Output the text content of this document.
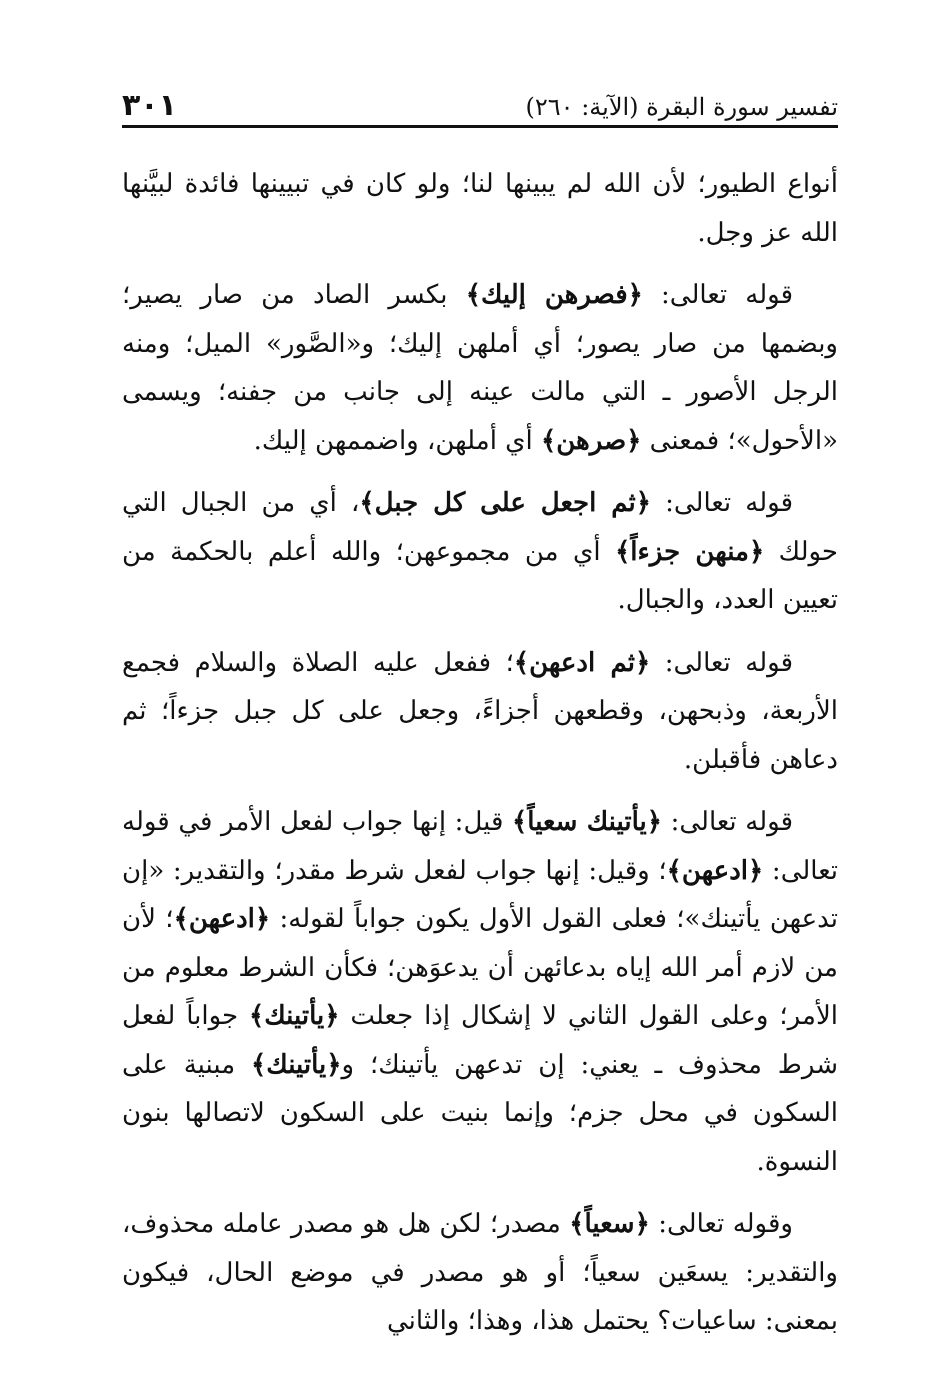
تفسير سورة البقرة (الآية: ٢٦٠)
٣٠١

أنواع الطيور؛ لأن الله لم يبينها لنا؛ ولو كان في تبيينها فائدة لبيَّنها الله عز وجل.

قوله تعالى: ﴿فصرهن إليك﴾ بكسر الصاد من صار يصير؛ وبضمها من صار يصور؛ أي أملهن إليك؛ و«الصَّور» الميل؛ ومنه الرجل الأصور ـ التي مالت عينه إلى جانب من جفنه؛ ويسمى «الأحول»؛ فمعنى ﴿صرهن﴾ أي أملهن، واضممهن إليك.

قوله تعالى: ﴿ثم اجعل على كل جبل﴾، أي من الجبال التي حولك ﴿منهن جزءاً﴾ أي من مجموعهن؛ والله أعلم بالحكمة من تعيين العدد، والجبال.

قوله تعالى: ﴿ثم ادعهن﴾؛ ففعل عليه الصلاة والسلام فجمع الأربعة، وذبحهن، وقطعهن أجزاءً، وجعل على كل جبل جزءاً؛ ثم دعاهن فأقبلن.

قوله تعالى: ﴿يأتينك سعياً﴾ قيل: إنها جواب لفعل الأمر في قوله تعالى: ﴿ادعهن﴾؛ وقيل: إنها جواب لفعل شرط مقدر؛ والتقدير: «إن تدعهن يأتينك»؛ فعلى القول الأول يكون جواباً لقوله: ﴿ادعهن﴾؛ لأن من لازم أمر الله إياه بدعائهن أن يدعوَهن؛ فكأن الشرط معلوم من الأمر؛ وعلى القول الثاني لا إشكال إذا جعلت ﴿يأتينك﴾ جواباً لفعل شرط محذوف ـ يعني: إن تدعهن يأتينك؛ و﴿يأتينك﴾ مبنية على السكون في محل جزم؛ وإنما بنيت على السكون لاتصالها بنون النسوة.

وقوله تعالى: ﴿سعياً﴾ مصدر؛ لكن هل هو مصدر عامله محذوف، والتقدير: يسعَين سعياً؛ أو هو مصدر في موضع الحال، فيكون بمعنى: ساعيات؟ يحتمل هذا، وهذا؛ والثاني
